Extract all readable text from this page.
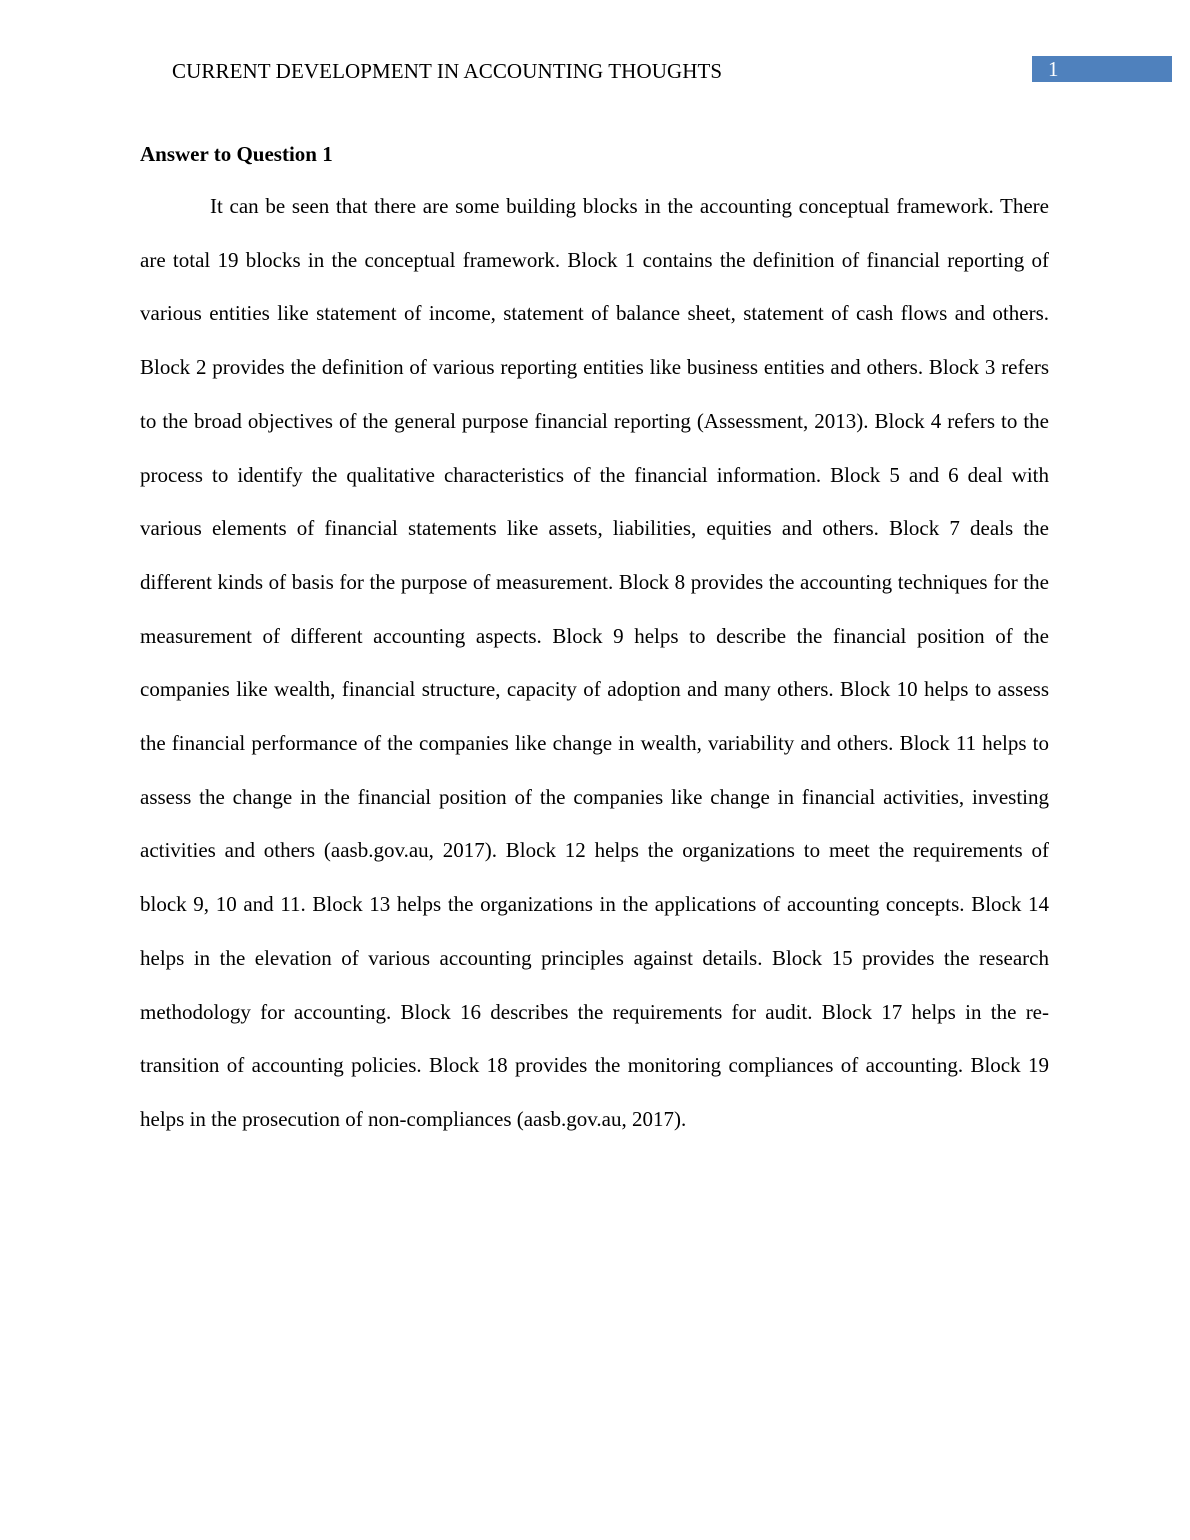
CURRENT DEVELOPMENT IN ACCOUNTING THOUGHTS	1
Answer to Question 1

It can be seen that there are some building blocks in the accounting conceptual framework. There are total 19 blocks in the conceptual framework. Block 1 contains the definition of financial reporting of various entities like statement of income, statement of balance sheet, statement of cash flows and others. Block 2 provides the definition of various reporting entities like business entities and others. Block 3 refers to the broad objectives of the general purpose financial reporting (Assessment, 2013). Block 4 refers to the process to identify the qualitative characteristics of the financial information. Block 5 and 6 deal with various elements of financial statements like assets, liabilities, equities and others. Block 7 deals the different kinds of basis for the purpose of measurement. Block 8 provides the accounting techniques for the measurement of different accounting aspects. Block 9 helps to describe the financial position of the companies like wealth, financial structure, capacity of adoption and many others. Block 10 helps to assess the financial performance of the companies like change in wealth, variability and others. Block 11 helps to assess the change in the financial position of the companies like change in financial activities, investing activities and others (aasb.gov.au, 2017). Block 12 helps the organizations to meet the requirements of block 9, 10 and 11. Block 13 helps the organizations in the applications of accounting concepts. Block 14 helps in the elevation of various accounting principles against details. Block 15 provides the research methodology for accounting. Block 16 describes the requirements for audit. Block 17 helps in the re-transition of accounting policies. Block 18 provides the monitoring compliances of accounting. Block 19 helps in the prosecution of non-compliances (aasb.gov.au, 2017).
